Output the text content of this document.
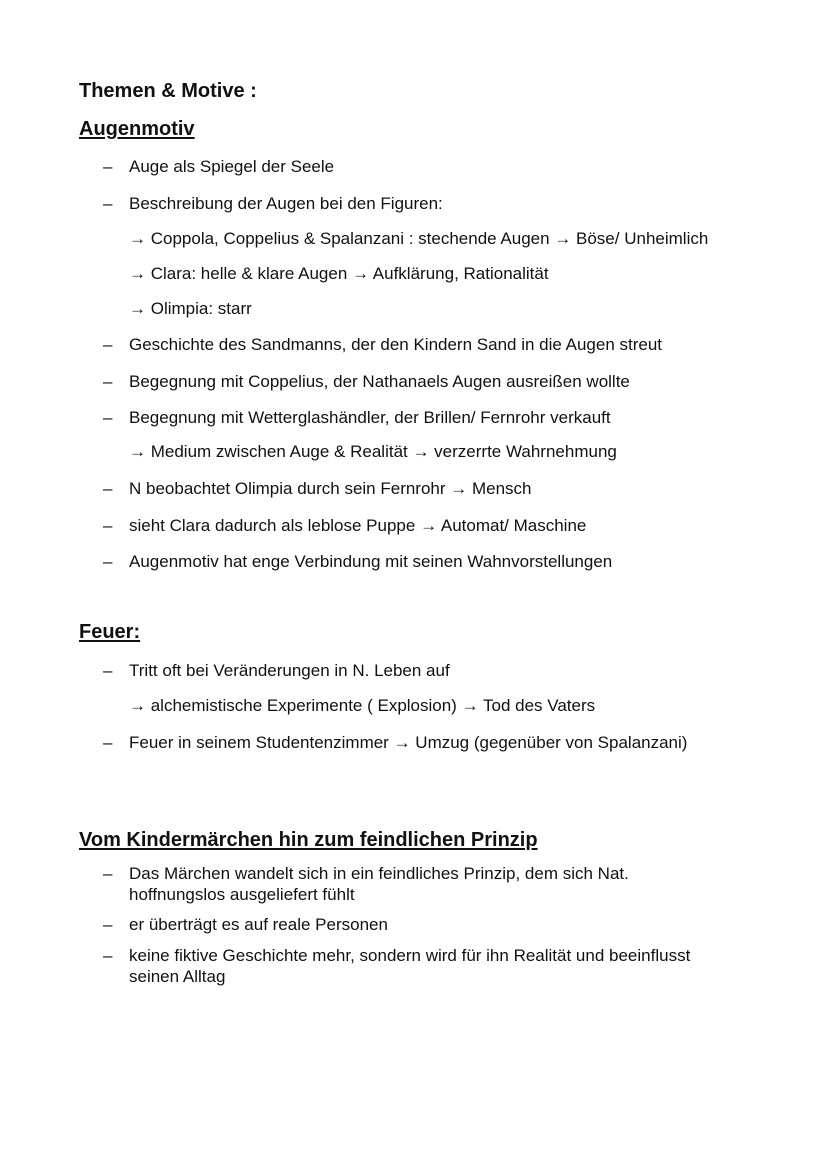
Themen & Motive :
Augenmotiv
– Auge als Spiegel der Seele
– Beschreibung der Augen bei den Figuren:
→ Coppola, Coppelius & Spalanzani : stechende Augen → Böse/ Unheimlich
→ Clara: helle & klare Augen → Aufklärung, Rationalität
→ Olimpia: starr
– Geschichte des Sandmanns, der den Kindern Sand in die Augen streut
– Begegnung mit Coppelius, der Nathanaels Augen ausreißen wollte
– Begegnung mit Wetterglashändler, der Brillen/ Fernrohr verkauft
→ Medium zwischen Auge & Realität → verzerrte Wahrnehmung
– N beobachtet Olimpia durch sein Fernrohr → Mensch
– sieht Clara dadurch als leblose Puppe → Automat/ Maschine
– Augenmotiv hat enge Verbindung mit seinen Wahnvorstellungen
Feuer:
– Tritt oft bei Veränderungen in N. Leben auf
→ alchemistische Experimente ( Explosion) → Tod des Vaters
– Feuer in seinem Studentenzimmer → Umzug (gegenüber von Spalanzani)
Vom Kindermärchen hin zum feindlichen Prinzip
– Das Märchen wandelt sich in ein feindliches Prinzip, dem sich Nat.
hoffnungslos ausgeliefert fühlt
– er überträgt es auf reale Personen
– keine fiktive Geschichte mehr, sondern wird für ihn Realität und beeinflusst
seinen Alltag
